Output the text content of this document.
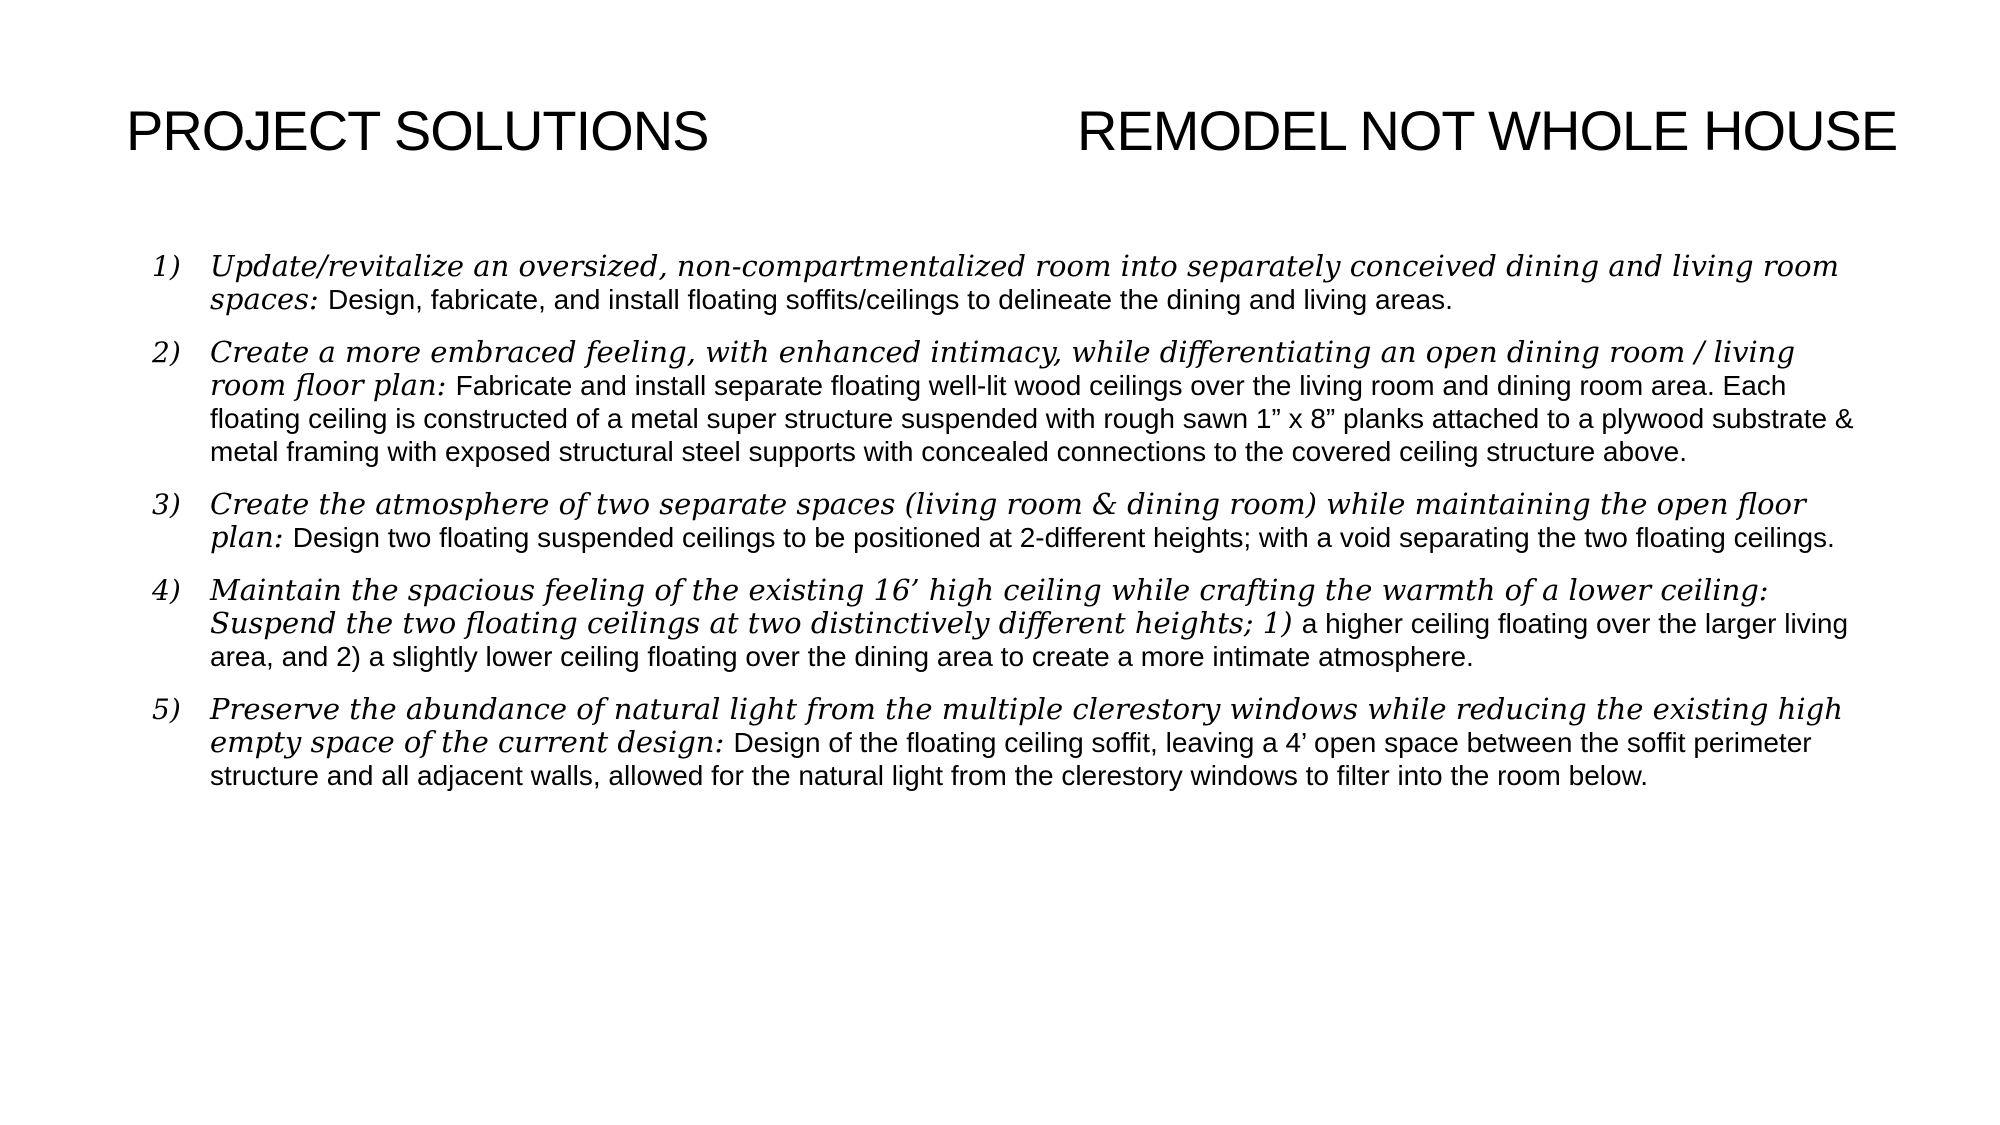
PROJECT SOLUTIONS	REMODEL NOT WHOLE HOUSE
1) Update/revitalize an oversized, non-compartmentalized room into separately conceived dining and living room spaces: Design, fabricate, and install floating soffits/ceilings to delineate the dining and living areas.
2) Create a more embraced feeling, with enhanced intimacy, while differentiating an open dining room / living room floor plan: Fabricate and install separate floating well-lit wood ceilings over the living room and dining room area. Each floating ceiling is constructed of a metal super structure suspended with rough sawn 1” x 8” planks attached to a plywood substrate & metal framing with exposed structural steel supports with concealed connections to the covered ceiling structure above.
3) Create the atmosphere of two separate spaces (living room & dining room) while maintaining the open floor plan: Design two floating suspended ceilings to be positioned at 2-different heights; with a void separating the two floating ceilings.
4) Maintain the spacious feeling of the existing 16’ high ceiling while crafting the warmth of a lower ceiling: Suspend the two floating ceilings at two distinctively different heights; 1) a higher ceiling floating over the larger living area, and 2) a slightly lower ceiling floating over the dining area to create a more intimate atmosphere.
5) Preserve the abundance of natural light from the multiple clerestory windows while reducing the existing high empty space of the current design: Design of the floating ceiling soffit, leaving a 4’ open space between the soffit perimeter structure and all adjacent walls, allowed for the natural light from the clerestory windows to filter into the room below.
